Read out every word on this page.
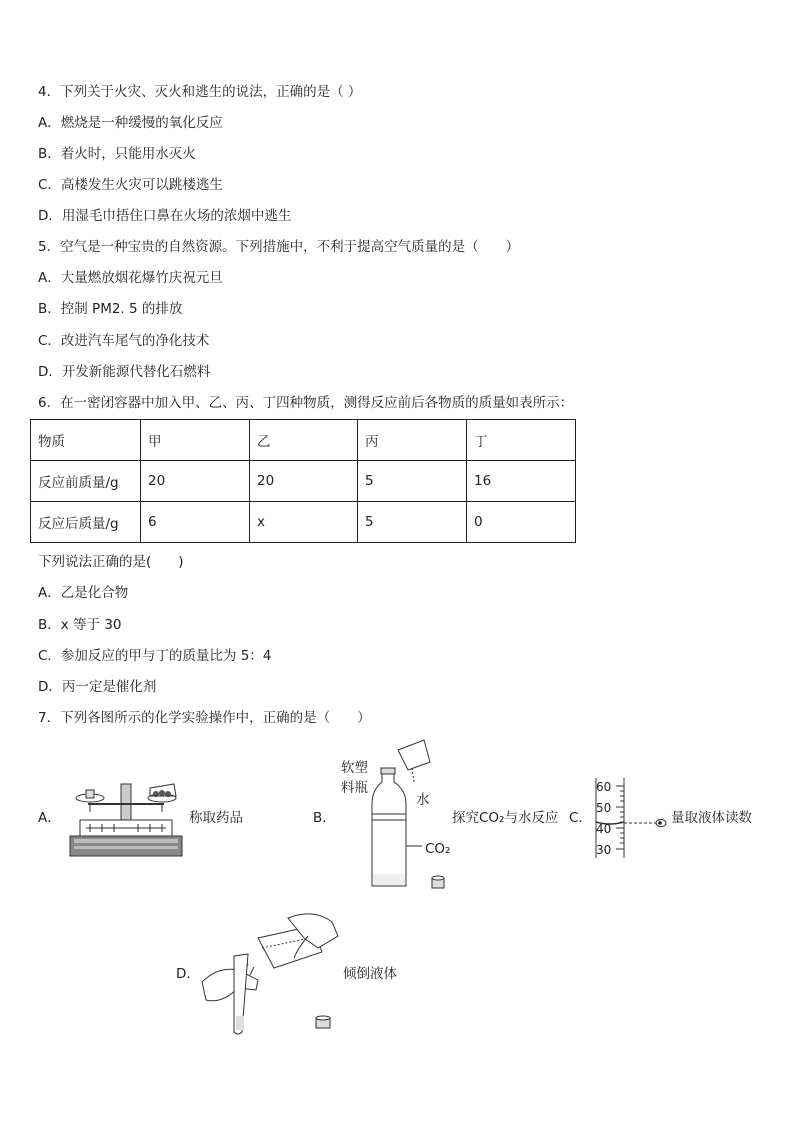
4．下列关于火灾、灭火和逃生的说法，正确的是（ ）
A．燃烧是一种缓慢的氧化反应
B．着火时，只能用水灭火
C．高楼发生火灾可以跳楼逃生
D．用湿毛巾捂住口鼻在火场的浓烟中逃生
5．空气是一种宝贵的自然资源。下列措施中，不利于提高空气质量的是（　　）
A．大量燃放烟花爆竹庆祝元旦
B．控制 PM2. 5 的排放
C．改进汽车尾气的净化技术
D．开发新能源代替化石燃料
6．在一密闭容器中加入甲、乙、丙、丁四种物质，测得反应前后各物质的质量如表所示：
物质	甲	乙	丙	丁
反应前质量/g	20	20	5	16
反应后质量/g	6	x	5	0
下列说法正确的是(　　)
A．乙是化合物
B．x 等于 30
C．参加反应的甲与丁的质量比为 5：4
D．丙一定是催化剂
7．下列各图所示的化学实验操作中，正确的是（　　）
A．	称取药品	B．
软塑
料瓶
水
CO₂
探究CO₂与水反应 C．
60
50
40
30
量取液体读数
D．	倾倒液体
